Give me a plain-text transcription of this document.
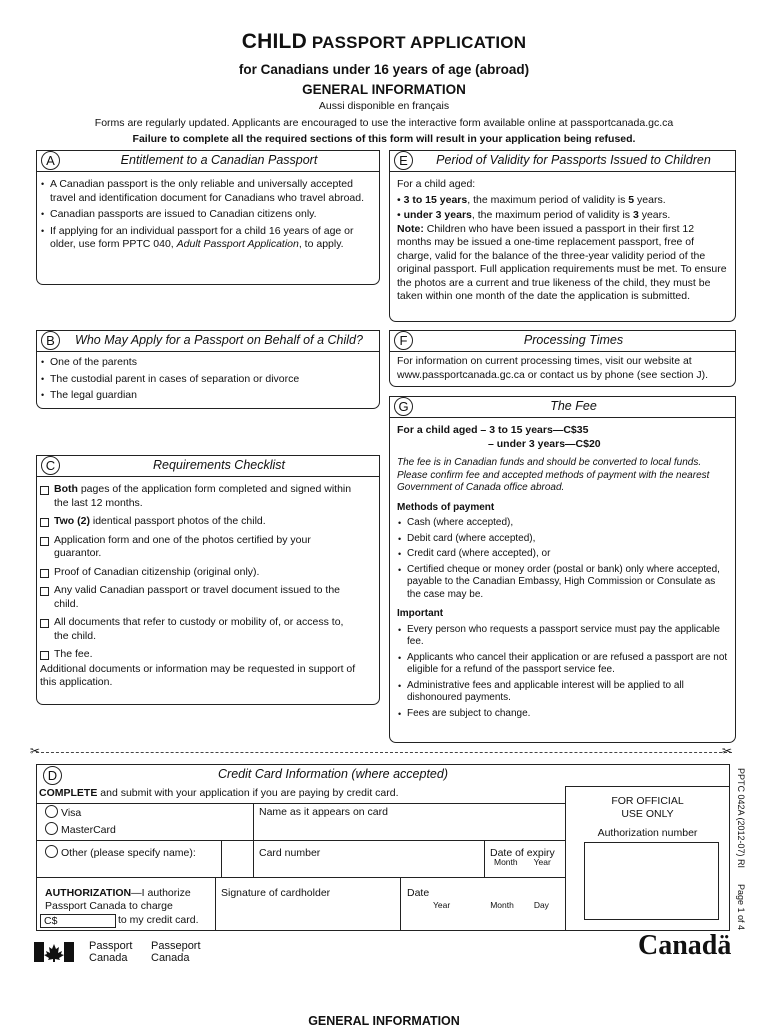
CHILD PASSPORT APPLICATION
for Canadians under 16 years of age (abroad)
GENERAL INFORMATION
Aussi disponible en français
Forms are regularly updated. Applicants are encouraged to use the interactive form available online at passportcanada.gc.ca
Failure to complete all the required sections of this form will result in your application being refused.
A	Entitlement to a Canadian Passport
• A Canadian passport is the only reliable and universally accepted travel and identification document for Canadians who travel abroad.
• Canadian passports are issued to Canadian citizens only.
• If applying for an individual passport for a child 16 years of age or older, use form PPTC 040, Adult Passport Application, to apply.
B	Who May Apply for a Passport on Behalf of a Child?
• One of the parents
• The custodial parent in cases of separation or divorce
• The legal guardian
C	Requirements Checklist
Both pages of the application form completed and signed within the last 12 months.
Two (2) identical passport photos of the child.
Application form and one of the photos certified by your guarantor.
Proof of Canadian citizenship (original only).
Any valid Canadian passport or travel document issued to the child.
All documents that refer to custody or mobility of, or access to, the child.
The fee.
Additional documents or information may be requested in support of this application.
E	Period of Validity for Passports Issued to Children
For a child aged:
• 3 to 15 years, the maximum period of validity is 5 years.
• under 3 years, the maximum period of validity is 3 years.
Note: Children who have been issued a passport in their first 12 months may be issued a one-time replacement passport, free of charge, valid for the balance of the three-year validity period of the original passport. Full application requirements must be met. To ensure the photos are a current and true likeness of the child, they must be taken within one month of the date the application is submitted.
F	Processing Times
For information on current processing times, visit our website at www.passportcanada.gc.ca or contact us by phone (see section J).
G	The Fee
For a child aged – 3 to 15 years—C$35
– under 3 years—C$20
The fee is in Canadian funds and should be converted to local funds. Please confirm fee and accepted methods of payment with the nearest Government of Canada office abroad.
Methods of payment
• Cash (where accepted),
• Debit card (where accepted),
• Credit card (where accepted), or
• Certified cheque or money order (postal or bank) only where accepted, payable to the Canadian Embassy, High Commission or Consulate as the case may be.
Important
• Every person who requests a passport service must pay the applicable fee.
• Applicants who cancel their application or are refused a passport are not eligible for a refund of the passport service fee.
• Administrative fees and applicable interest will be applied to all dishonoured payments.
• Fees are subject to change.
✂	✂
D	Credit Card Information (where accepted)
COMPLETE and submit with your application if you are paying by credit card.
Visa
MasterCard
Name as it appears on card
Other (please specify name):	Card number	Date of expiry
Month Year
AUTHORIZATION—I authorize Passport Canada to charge
C$	to my credit card.
Signature of cardholder	Date
Year	Month Day
FOR OFFICIAL
USE ONLY
Authorization number	PPTC 042A (2012-07) RI
Page 1 of 4
Passport
Canada
Passeport
Canada	Canadä
GENERAL INFORMATION
